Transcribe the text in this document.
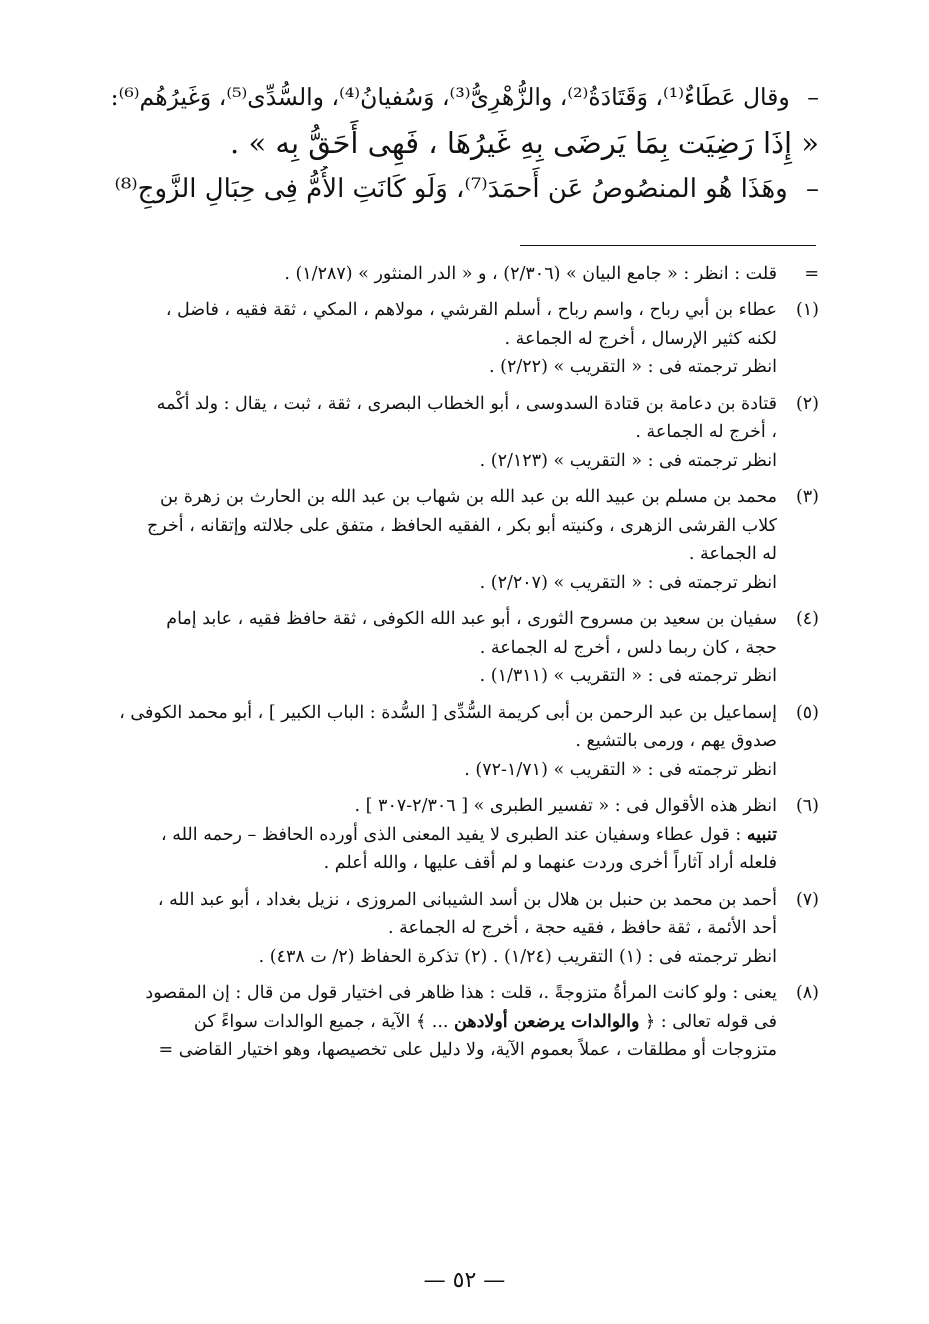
– وقال عَطَاءٌ⁽¹⁾، وَقَتَادَةُ⁽²⁾، والزُّهْرِىُّ⁽³⁾، وَسُفيانُ⁽⁴⁾، والسُّدِّى⁽⁵⁾، وَغَيرُهُم⁽⁶⁾:
« إِذَا رَضِيَت بِمَا يَرضَى بِهِ غَيرُهَا ، فَهِى أَحَقُّ بِه » .
– وهَذَا هُو المنصُوصُ عَن أَحمَدَ⁽⁷⁾، وَلَو كَانَتِ الأُمُّ فِى حِبَالِ الزَّوجِ⁽⁸⁾
=
قلت : انظر : « جامع البيان » (٢/٣٠٦) ، و « الدر المنثور » (١/٢٨٧) .
(١)
عطاء بن أبي رباح ، واسم رباح ، أسلم القرشي ، مولاهم ، المكي ، ثقة فقيه ، فاضل ،
لكنه كثير الإرسال ، أخرج له الجماعة .
انظر ترجمته فى : « التقريب » (٢/٢٢) .
(٢)
قتادة بن دعامة بن قتادة السدوسى ، أبو الخطاب البصرى ، ثقة ، ثبت ، يقال : ولد أكْمه
، أخرج له الجماعة .
انظر ترجمته فى : « التقريب » (٢/١٢٣) .
(٣)
محمد بن مسلم بن عبيد الله بن عبد الله بن شهاب بن عبد الله بن الحارث بن زهرة بن
كلاب القرشى الزهرى ، وكنيته أبو بكر ، الفقيه الحافظ ، متفق على جلالته وإتقانه ، أخرج
له الجماعة .
انظر ترجمته فى : « التقريب » (٢/٢٠٧) .
(٤)
سفيان بن سعيد بن مسروح الثورى ، أبو عبد الله الكوفى ، ثقة حافظ فقيه ، عابد إمام
حجة ، كان ربما دلس ، أخرج له الجماعة .
انظر ترجمته فى : « التقريب » (١/٣١١) .
(٥)
إسماعيل بن عبد الرحمن بن أبى كريمة السُّدِّى [ السُّدة : الباب الكبير ] ، أبو محمد الكوفى ،
صدوق يهم ، ورمى بالتشيع .
انظر ترجمته فى : « التقريب » (١/٧١-٧٢) .
(٦)
انظر هذه الأقوال فى : « تفسير الطبرى » [ ٢/٣٠٦-٣٠٧ ] .
تنبيه : قول عطاء وسفيان عند الطبرى لا يفيد المعنى الذى أورده الحافظ – رحمه الله ،
فلعله أراد آثاراً أخرى وردت عنهما و لم أقف عليها ، والله أعلم .
(٧)
أحمد بن محمد بن حنبل بن هلال بن أسد الشيبانى المروزى ، نزيل بغداد ، أبو عبد الله ،
أحد الأئمة ، ثقة حافظ ، فقيه حجة ، أخرج له الجماعة .
انظر ترجمته فى : (١) التقريب (١/٢٤) . (٢) تذكرة الحفاظ (٢/ ت ٤٣٨) .
(٨)
يعنى : ولو كانت المرأةُ متزوجةً .، قلت : هذا ظاهر فى اختيار قول من قال : إن المقصود
فى قوله تعالى : ﴿ والوالدات يرضعن أولادهن ... ﴾ الآية ، جميع الوالدات سواءً كن
متزوجات أو مطلقات ، عملاً بعموم الآية، ولا دليل على تخصيصها، وهو اختيار القاضى =
— ٥٢ —
